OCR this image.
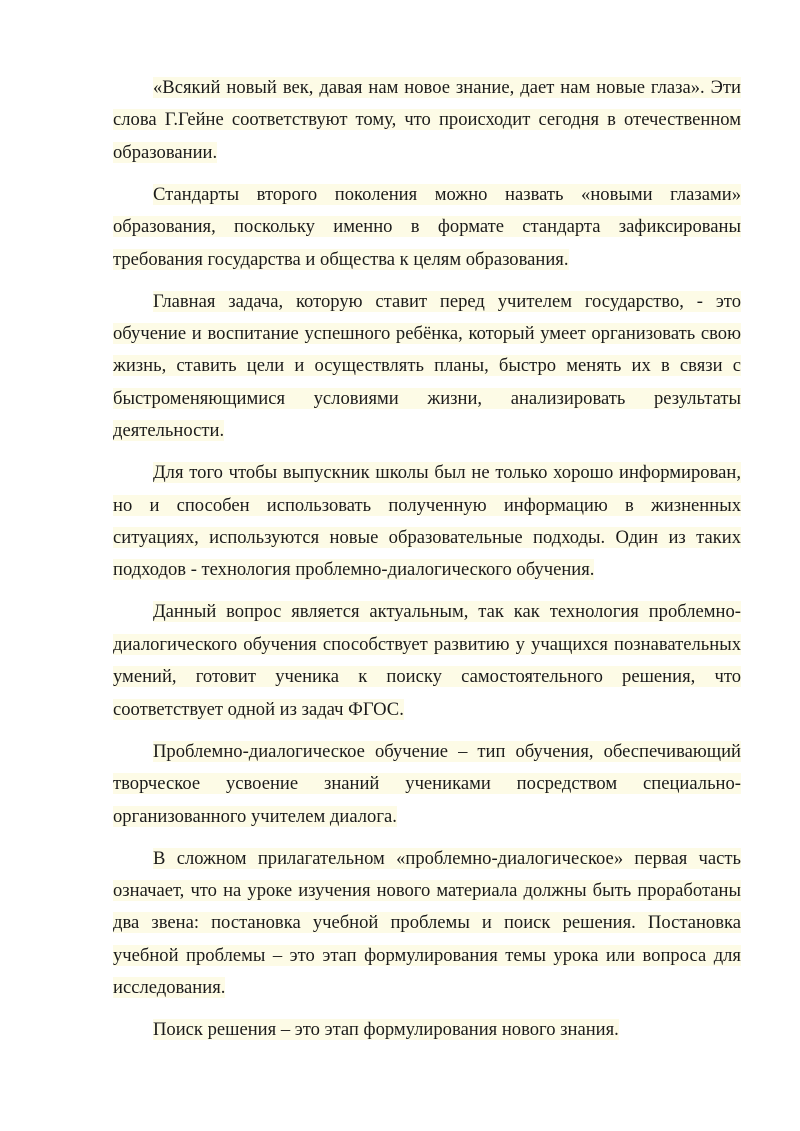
«Всякий новый век, давая нам новое знание, дает нам новые глаза». Эти слова Г.Гейне соответствуют тому, что происходит сегодня в отечественном образовании.

Стандарты второго поколения можно назвать «новыми глазами» образования, поскольку именно в формате стандарта зафиксированы требования государства и общества к целям образования.

Главная задача, которую ставит перед учителем государство, - это обучение и воспитание успешного ребёнка, который умеет организовать свою жизнь, ставить цели и осуществлять планы, быстро менять их в связи с быстроменяющимися условиями жизни, анализировать результаты деятельности.

Для того чтобы выпускник школы был не только хорошо информирован, но и способен использовать полученную информацию в жизненных ситуациях, используются новые образовательные подходы. Один из таких подходов - технология проблемно-диалогического обучения.

Данный вопрос является актуальным, так как технология проблемно-диалогического обучения способствует развитию у учащихся познавательных умений, готовит ученика к поиску самостоятельного решения, что соответствует одной из задач ФГОС.

Проблемно-диалогическое обучение – тип обучения, обеспечивающий творческое усвоение знаний учениками посредством специально-организованного учителем диалога.

В сложном прилагательном «проблемно-диалогическое» первая часть означает, что на уроке изучения нового материала должны быть проработаны два звена: постановка учебной проблемы и поиск решения. Постановка учебной проблемы – это этап формулирования темы урока или вопроса для исследования.

Поиск решения – это этап формулирования нового знания.
